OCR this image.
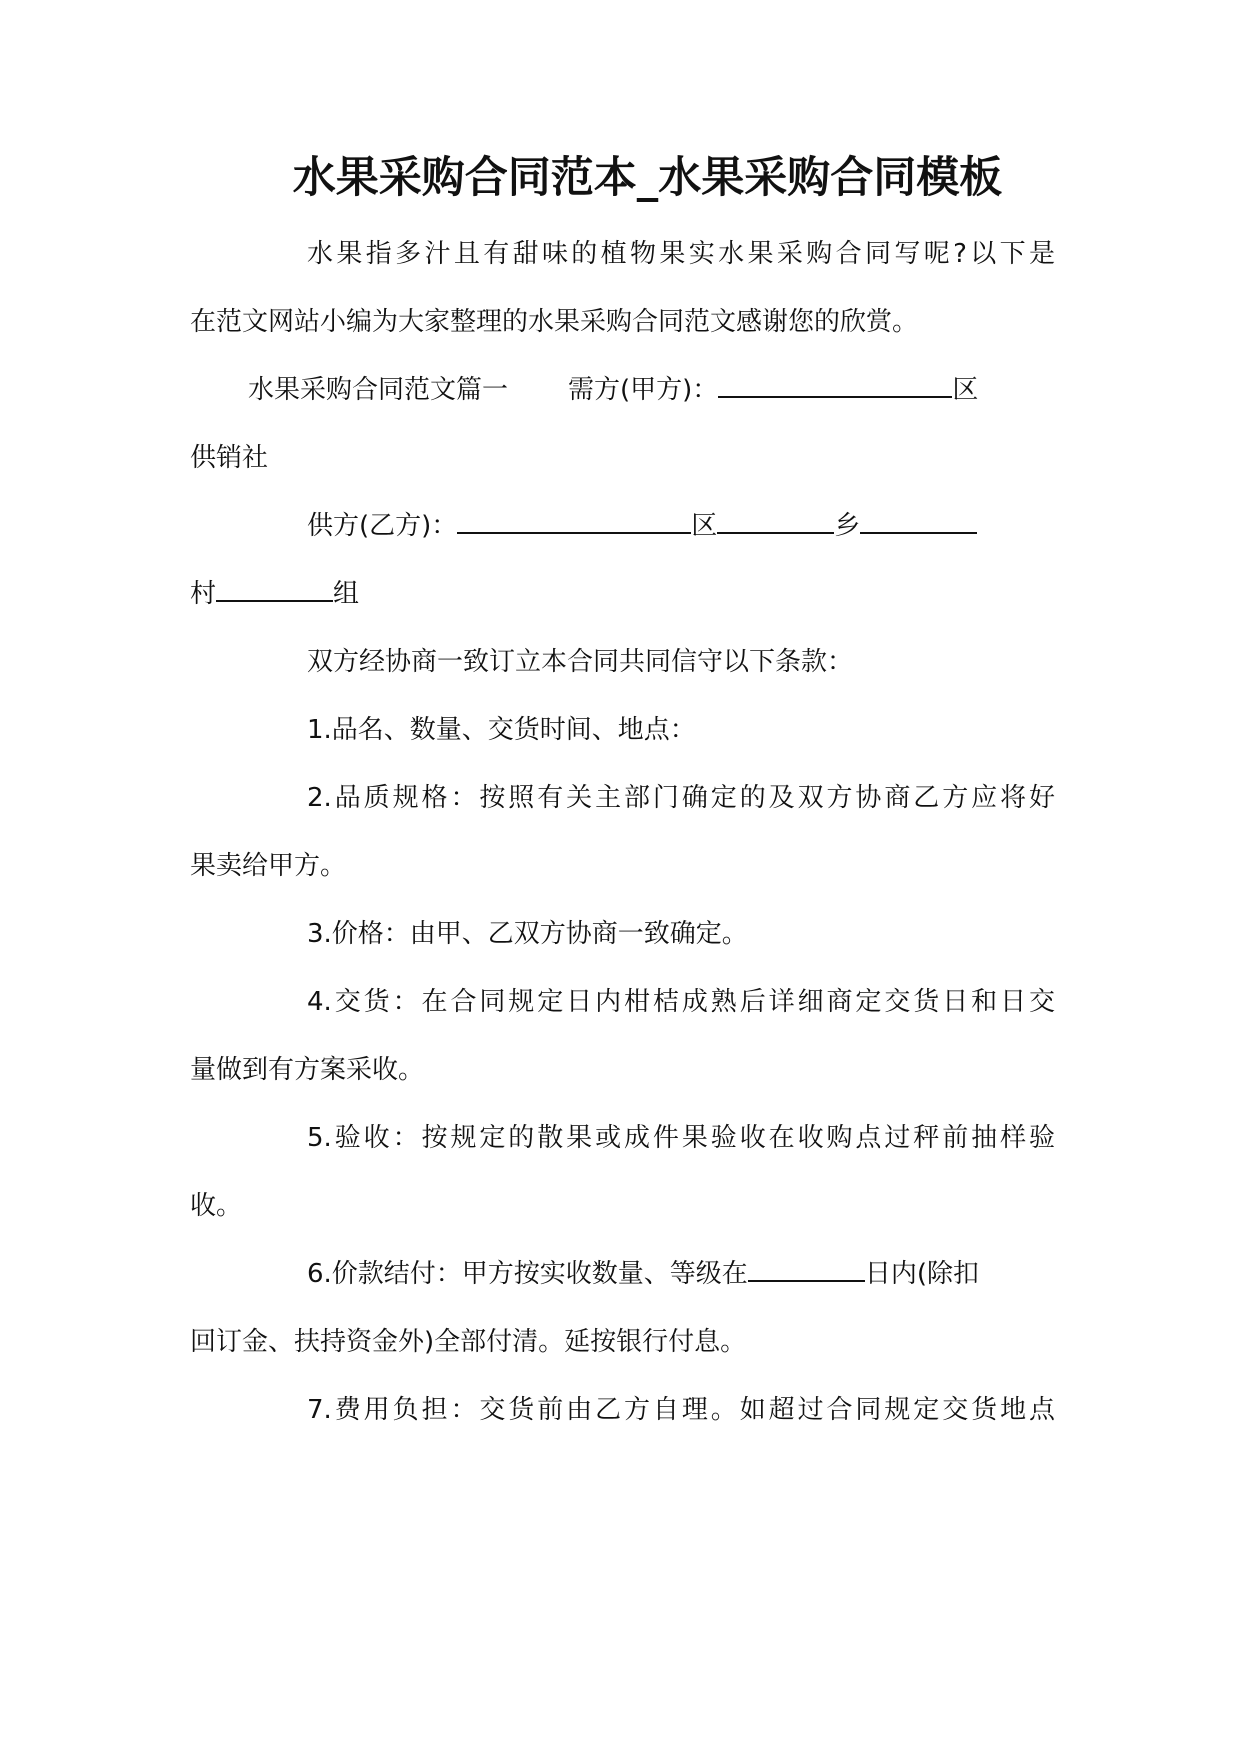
水果采购合同范本_水果采购合同模板

水果指多汁且有甜味的植物果实水果采购合同写呢?以下是

在范文网站小编为大家整理的水果采购合同范文感谢您的欣赏。

水果采购合同范文篇一 需方(甲方)：	区

供销社

供方(乙方)：	区	乡

村	组

双方经协商一致订立本合同共同信守以下条款：

1.品名、数量、交货时间、地点：

2.品质规格：按照有关主部门确定的及双方协商乙方应将好

果卖给甲方。

3.价格：由甲、乙双方协商一致确定。

4.交货：在合同规定日内柑桔成熟后详细商定交货日和日交

量做到有方案采收。

5.验收：按规定的散果或成件果验收在收购点过秤前抽样验

收。

6.价款结付：甲方按实收数量、等级在	日内(除扣

回订金、扶持资金外)全部付清。延按银行付息。

7.费用负担：交货前由乙方自理。如超过合同规定交货地点
